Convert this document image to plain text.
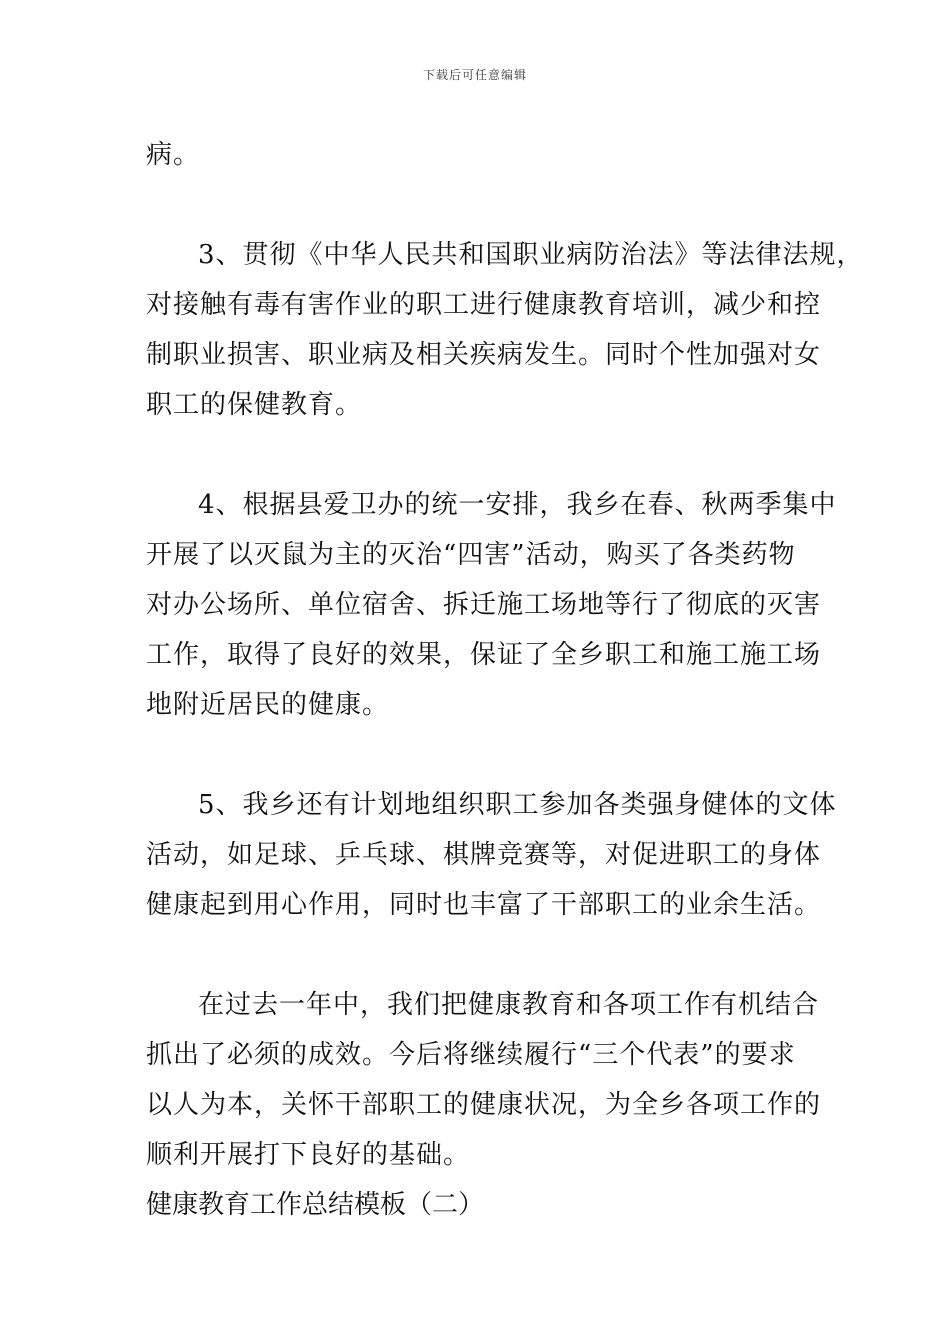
下载后可任意编辑
病。
3、贯彻《中华人民共和国职业病防治法》等法律法规，
对接触有毒有害作业的职工进行健康教育培训，减少和控
制职业损害、职业病及相关疾病发生。同时个性加强对女
职工的保健教育。
4、根据县爱卫办的统一安排，我乡在春、秋两季集中
开展了以灭鼠为主的灭治“四害”活动，购买了各类药物
对办公场所、单位宿舍、拆迁施工场地等行了彻底的灭害
工作，取得了良好的效果，保证了全乡职工和施工施工场
地附近居民的健康。
5、我乡还有计划地组织职工参加各类强身健体的文体
活动，如足球、乒乓球、棋牌竞赛等，对促进职工的身体
健康起到用心作用，同时也丰富了干部职工的业余生活。
在过去一年中，我们把健康教育和各项工作有机结合
抓出了必须的成效。今后将继续履行“三个代表”的要求
以人为本，关怀干部职工的健康状况，为全乡各项工作的
顺利开展打下良好的基础。
健康教育工作总结模板（二）
